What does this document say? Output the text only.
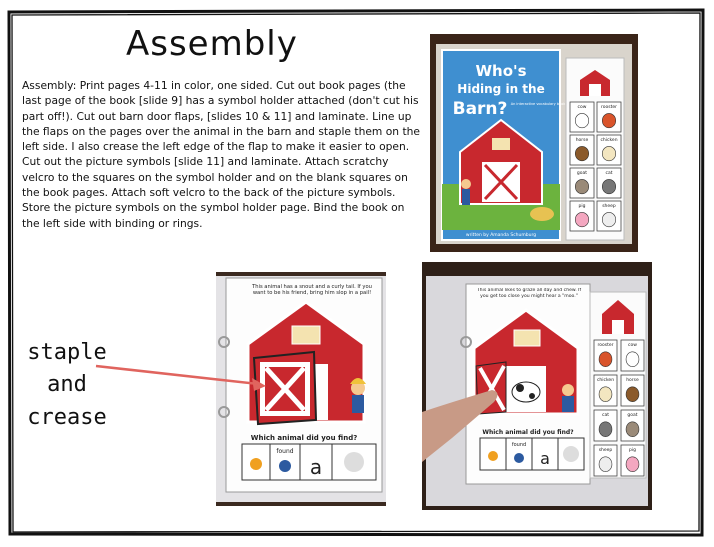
Assembly
Assembly: Print pages 4-11 in color, one sided. Cut out book pages (the last page of the book [slide 9] has a symbol holder attached (don't cut his part off!). Cut out barn door flaps, [slides 10 & 11] and laminate. Line up the flaps on the pages over the animal in the barn and staple them on the left side. I also crease the left edge of the flap to make it easier to open. Cut out the picture symbols [slide 11] and laminate. Attach scratchy velcro to the squares on the symbol holder and on the blank squares on the book pages. Attach soft velcro to the back of the picture symbols. Store the picture symbols on the symbol holder page. Bind the book on the left side with binding or rings.
Who's
Hiding in the
Barn? An interactive vocabulary book
written by Amanda Schumburg
cow	rooster
horse	chicken
goat	cat
pig	sheep
This animal has a snout and a curly tail. If you want to be his friend, bring him slop in a pail!
Which animal did you find?
found
a
This animal likes to graze all day and chew. If you get too close you might hear a "moo."
Which animal did you find?
found
a
rooster	cow
chicken	horse
cat	goat
sheep	pig
staple
and
crease
